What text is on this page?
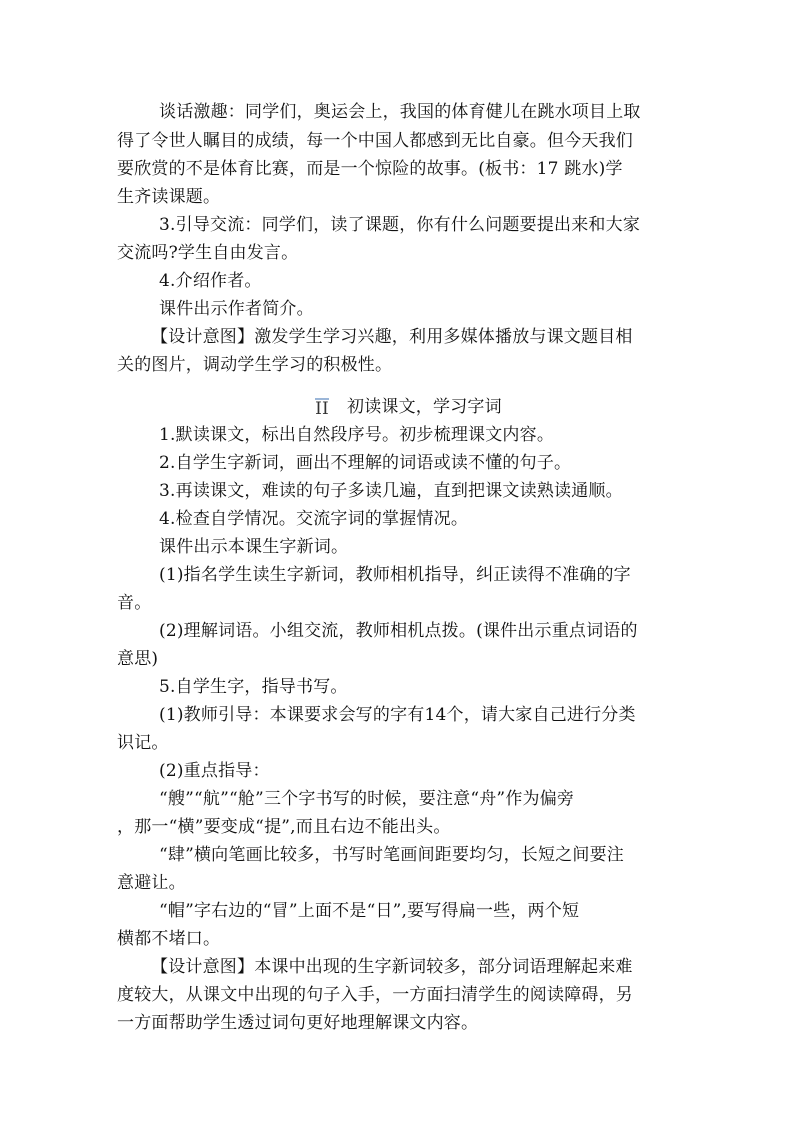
谈话激趣：同学们，奥运会上，我国的体育健儿在跳水项目上取
得了令世人瞩目的成绩，每一个中国人都感到无比自豪。但今天我们
要欣赏的不是体育比赛，而是一个惊险的故事。(板书：17 跳水)学
生齐读课题。
3.引导交流：同学们，读了课题，你有什么问题要提出来和大家
交流吗?学生自由发言。
4.介绍作者。
课件出示作者简介。
【设计意图】激发学生学习兴趣，利用多媒体播放与课文题目相
关的图片，调动学生学习的积极性。
II 初读课文，学习字词
1.默读课文，标出自然段序号。初步梳理课文内容。
2.自学生字新词，画出不理解的词语或读不懂的句子。
3.再读课文，难读的句子多读几遍，直到把课文读熟读通顺。
4.检查自学情况。交流字词的掌握情况。
课件出示本课生字新词。
(1)指名学生读生字新词，教师相机指导，纠正读得不准确的字
音。
(2)理解词语。小组交流，教师相机点拨。(课件出示重点词语的
意思)
5.自学生字，指导书写。
(1)教师引导：本课要求会写的字有14个，请大家自己进行分类
识记。
(2)重点指导：
“艘”“航”“舱”三个字书写的时候，要注意“舟”作为偏旁
，那一“横”要变成“提”,而且右边不能出头。
“肆”横向笔画比较多，书写时笔画间距要均匀，长短之间要注
意避让。
“帽”字右边的“冒”上面不是“日”,要写得扁一些，两个短
横都不堵口。
【设计意图】本课中出现的生字新词较多，部分词语理解起来难
度较大，从课文中出现的句子入手，一方面扫清学生的阅读障碍，另
一方面帮助学生透过词句更好地理解课文内容。
